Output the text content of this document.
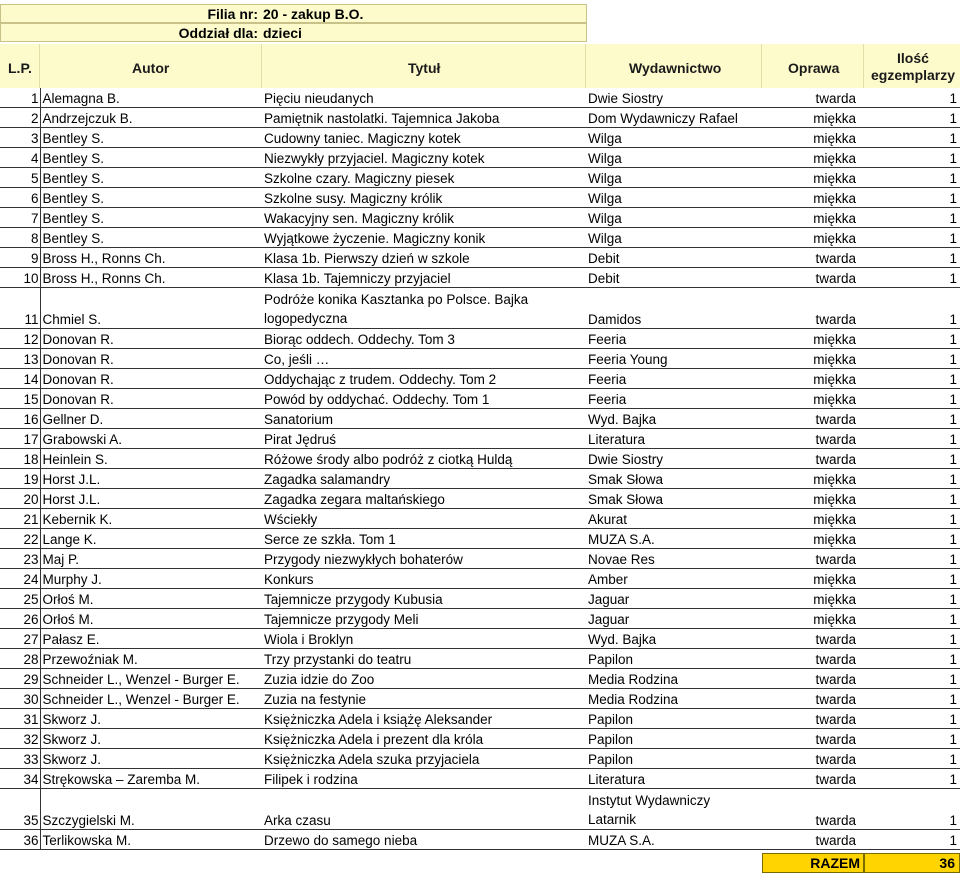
Filia nr: 20 - zakup B.O.
Oddział dla: dzieci
L.P.	Autor	Tytuł	Wydawnictwo	Oprawa
Ilość
egzemplarzy
1	Alemagna B.	Pięciu nieudanych	Dwie Siostry	twarda	1
2	Andrzejczuk B.	Pamiętnik nastolatki. Tajemnica Jakoba	Dom Wydawniczy Rafael	miękka	1
3	Bentley S.	Cudowny taniec. Magiczny kotek	Wilga	miękka	1
4	Bentley S.	Niezwykły przyjaciel. Magiczny kotek	Wilga	miękka	1
5	Bentley S.	Szkolne czary. Magiczny piesek	Wilga	miękka	1
6	Bentley S.	Szkolne susy. Magiczny królik	Wilga	miękka	1
7	Bentley S.	Wakacyjny sen. Magiczny królik	Wilga	miękka	1
8	Bentley S.	Wyjątkowe życzenie. Magiczny konik	Wilga	miękka	1
9	Bross H., Ronns Ch.	Klasa 1b. Pierwszy dzień w szkole	Debit	twarda	1
10	Bross H., Ronns Ch.	Klasa 1b. Tajemniczy przyjaciel	Debit	twarda	1
11	Chmiel S.	Podróże konika Kasztanka po Polsce. Bajka logopedyczna	Damidos	twarda	1
12	Donovan R.	Biorąc oddech. Oddechy. Tom 3	Feeria	miękka	1
13	Donovan R.	Co, jeśli …	Feeria Young	miękka	1
14	Donovan R.	Oddychając z trudem. Oddechy. Tom 2	Feeria	miękka	1
15	Donovan R.	Powód by oddychać. Oddechy. Tom 1	Feeria	miękka	1
16	Gellner D.	Sanatorium	Wyd. Bajka	twarda	1
17	Grabowski A.	Pirat Jędruś	Literatura	twarda	1
18	Heinlein S.	Różowe środy albo podróż z ciotką Huldą	Dwie Siostry	twarda	1
19	Horst J.L.	Zagadka salamandry	Smak Słowa	miękka	1
20	Horst J.L.	Zagadka zegara maltańskiego	Smak Słowa	miękka	1
21	Kebernik K.	Wściekły	Akurat	miękka	1
22	Lange K.	Serce ze szkła. Tom 1	MUZA S.A.	miękka	1
23	Maj P.	Przygody niezwykłych bohaterów	Novae Res	twarda	1
24	Murphy J.	Konkurs	Amber	miękka	1
25	Orłoś M.	Tajemnicze przygody Kubusia	Jaguar	miękka	1
26	Orłoś M.	Tajemnicze przygody Meli	Jaguar	miękka	1
27	Pałasz E.	Wiola i Broklyn	Wyd. Bajka	twarda	1
28	Przewoźniak M.	Trzy przystanki do teatru	Papilon	twarda	1
29	Schneider L., Wenzel - Burger E.	Zuzia idzie do Zoo	Media Rodzina	twarda	1
30	Schneider L., Wenzel - Burger E.	Zuzia na festynie	Media Rodzina	twarda	1
31	Skworz J.	Księżniczka Adela i książę Aleksander	Papilon	twarda	1
32	Skworz J.	Księżniczka Adela i prezent dla króla	Papilon	twarda	1
33	Skworz J.	Księżniczka Adela szuka przyjaciela	Papilon	twarda	1
34	Strękowska – Zaremba M.	Filipek i rodzina	Literatura	twarda	1
35	Szczygielski M.	Arka czasu	Instytut Wydawniczy Latarnik	twarda	1
36	Terlikowska M.	Drzewo do samego nieba	MUZA S.A.	twarda	1
RAZEM	36
